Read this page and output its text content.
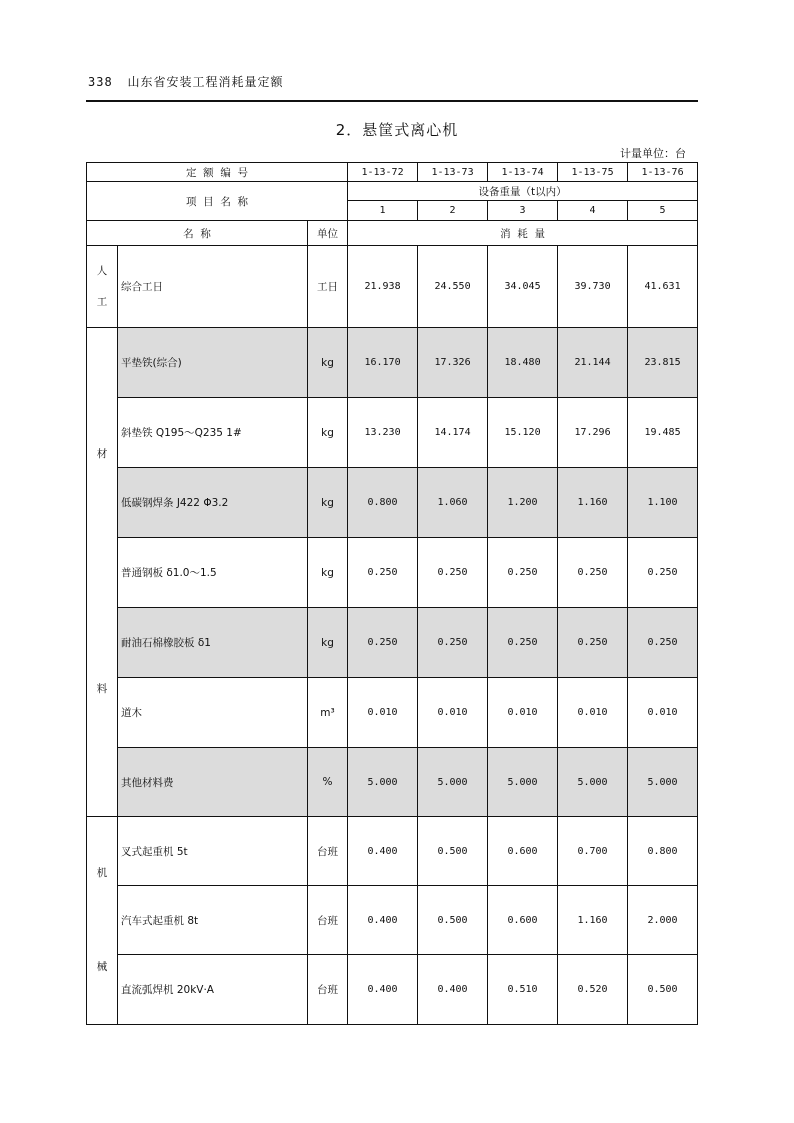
338 山东省安装工程消耗量定额
2．悬筐式离心机
计量单位：台
定  额  编  号			1-13-72	1-13-73	1-13-74	1-13-75	1-13-76
项  目  名  称			设备重量（t以内）				
			1	2	3	4	5
名  称		单位	消  耗  量				

人
工	综合工日	工日	21.938	24.550	34.045	39.730	41.631

材
料	平垫铁(综合)	kg	16.170	17.326	18.480	21.144	23.815
	斜垫铁 Q195～Q235 1#	kg	13.230	14.174	15.120	17.296	19.485
	低碳钢焊条 J422 Φ3.2	kg	0.800	1.060	1.200	1.160	1.100
	普通钢板 δ1.0～1.5	kg	0.250	0.250	0.250	0.250	0.250
	耐油石棉橡胶板 δ1	kg	0.250	0.250	0.250	0.250	0.250
	道木	m³	0.010	0.010	0.010	0.010	0.010
	其他材料费	%	5.000	5.000	5.000	5.000	5.000

机
械	叉式起重机 5t	台班	0.400	0.500	0.600	0.700	0.800
	汽车式起重机 8t	台班	0.400	0.500	0.600	1.160	2.000
	直流弧焊机 20kV·A	台班	0.400	0.400	0.510	0.520	0.500
